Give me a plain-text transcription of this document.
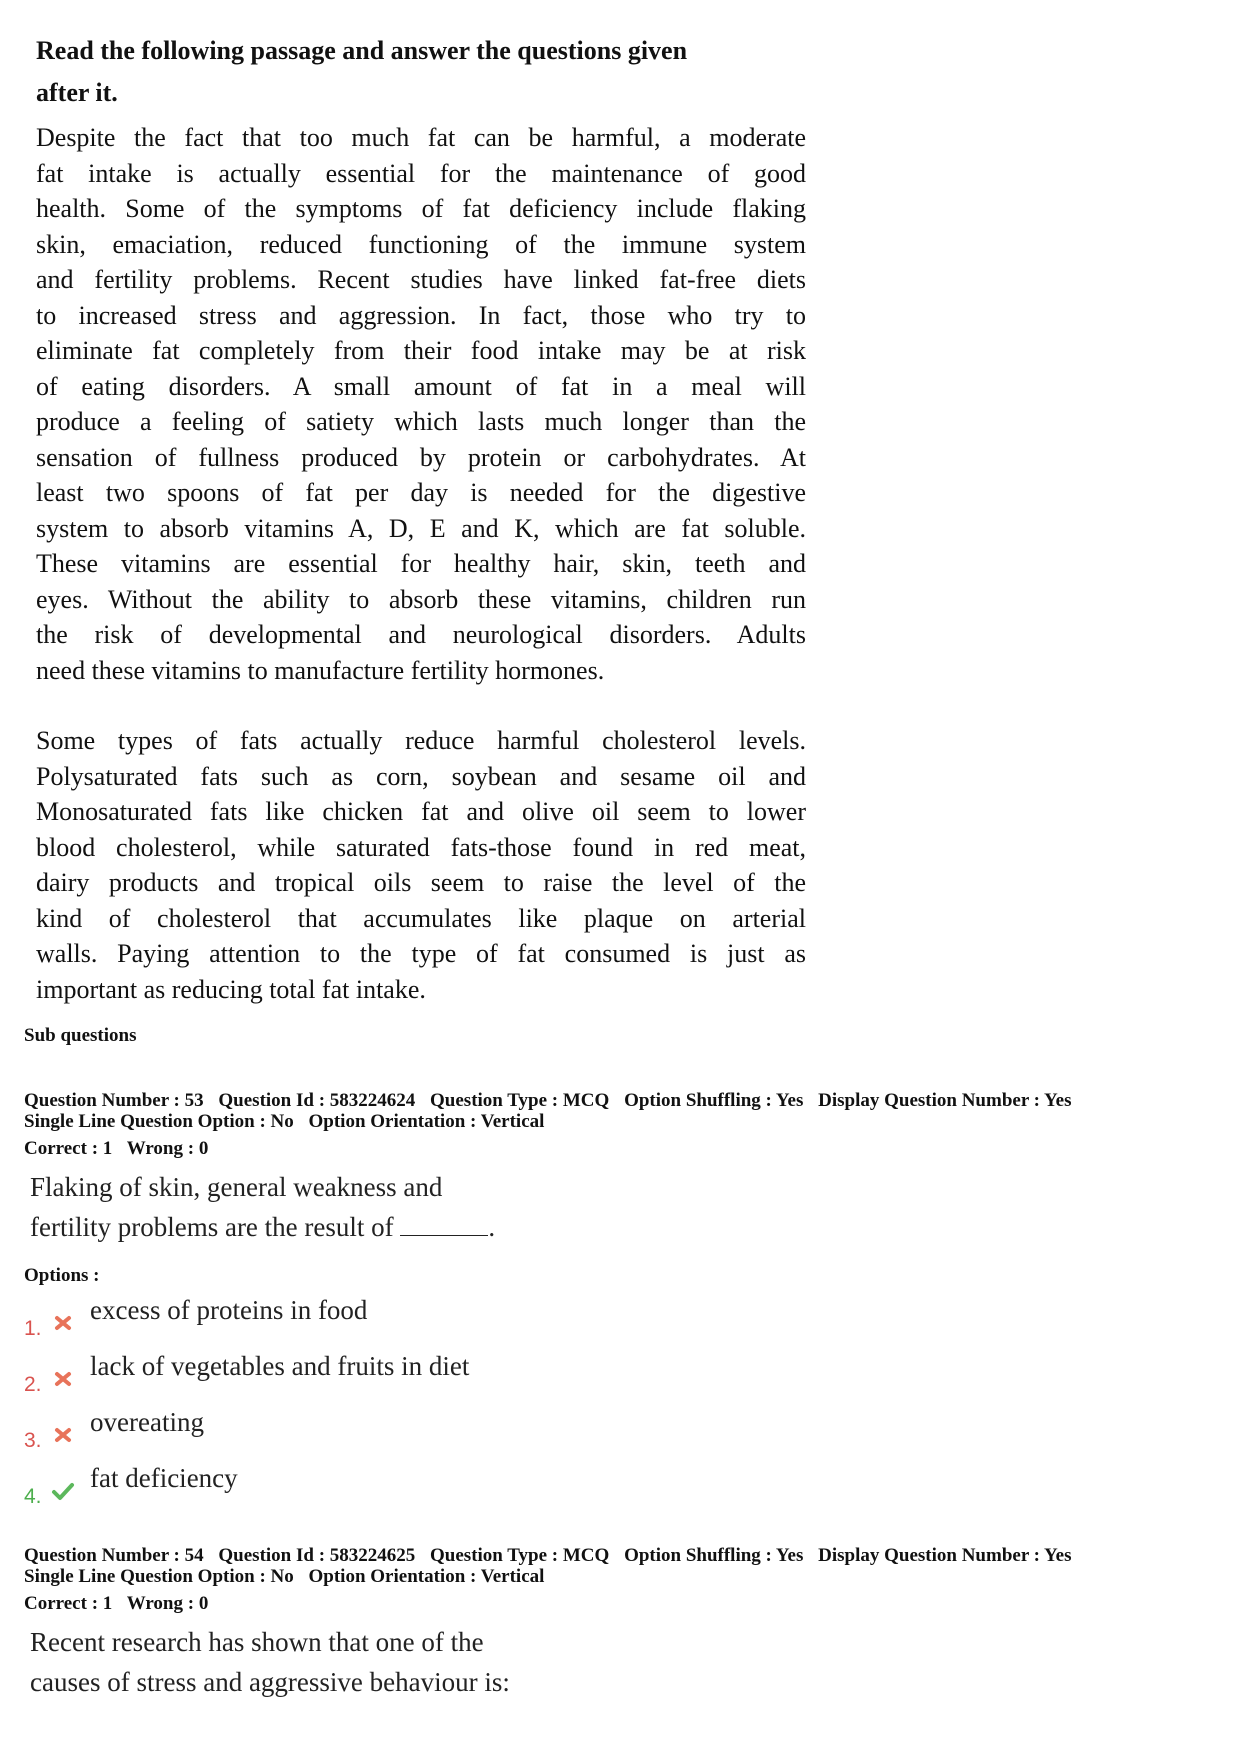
Read the following passage and answer the questions given
after it.
Despite the fact that too much fat can be harmful, a moderate
fat intake is actually essential for the maintenance of good
health. Some of the symptoms of fat deficiency include flaking
skin, emaciation, reduced functioning of the immune system
and fertility problems. Recent studies have linked fat-free diets
to increased stress and aggression. In fact, those who try to
eliminate fat completely from their food intake may be at risk
of eating disorders. A small amount of fat in a meal will
produce a feeling of satiety which lasts much longer than the
sensation of fullness produced by protein or carbohydrates. At
least two spoons of fat per day is needed for the digestive
system to absorb vitamins A, D, E and K, which are fat soluble.
These vitamins are essential for healthy hair, skin, teeth and
eyes. Without the ability to absorb these vitamins, children run
the risk of developmental and neurological disorders. Adults
need these vitamins to manufacture fertility hormones.
Some types of fats actually reduce harmful cholesterol levels.
Polysaturated fats such as corn, soybean and sesame oil and
Monosaturated fats like chicken fat and olive oil seem to lower
blood cholesterol, while saturated fats-those found in red meat,
dairy products and tropical oils seem to raise the level of the
kind of cholesterol that accumulates like plaque on arterial
walls. Paying attention to the type of fat consumed is just as
important as reducing total fat intake.
Sub questions
Question Number : 53 Question Id : 583224624 Question Type : MCQ Option Shuffling : Yes Display Question Number : Yes
Single Line Question Option : No Option Orientation : Vertical
Correct : 1 Wrong : 0
Flaking of skin, general weakness and
fertility problems are the result of	.
Options :
1.
excess of proteins in food
2.
lack of vegetables and fruits in diet
3.
overeating
4.
fat deficiency
Question Number : 54 Question Id : 583224625 Question Type : MCQ Option Shuffling : Yes Display Question Number : Yes
Single Line Question Option : No Option Orientation : Vertical
Correct : 1 Wrong : 0
Recent research has shown that one of the
causes of stress and aggressive behaviour is:
